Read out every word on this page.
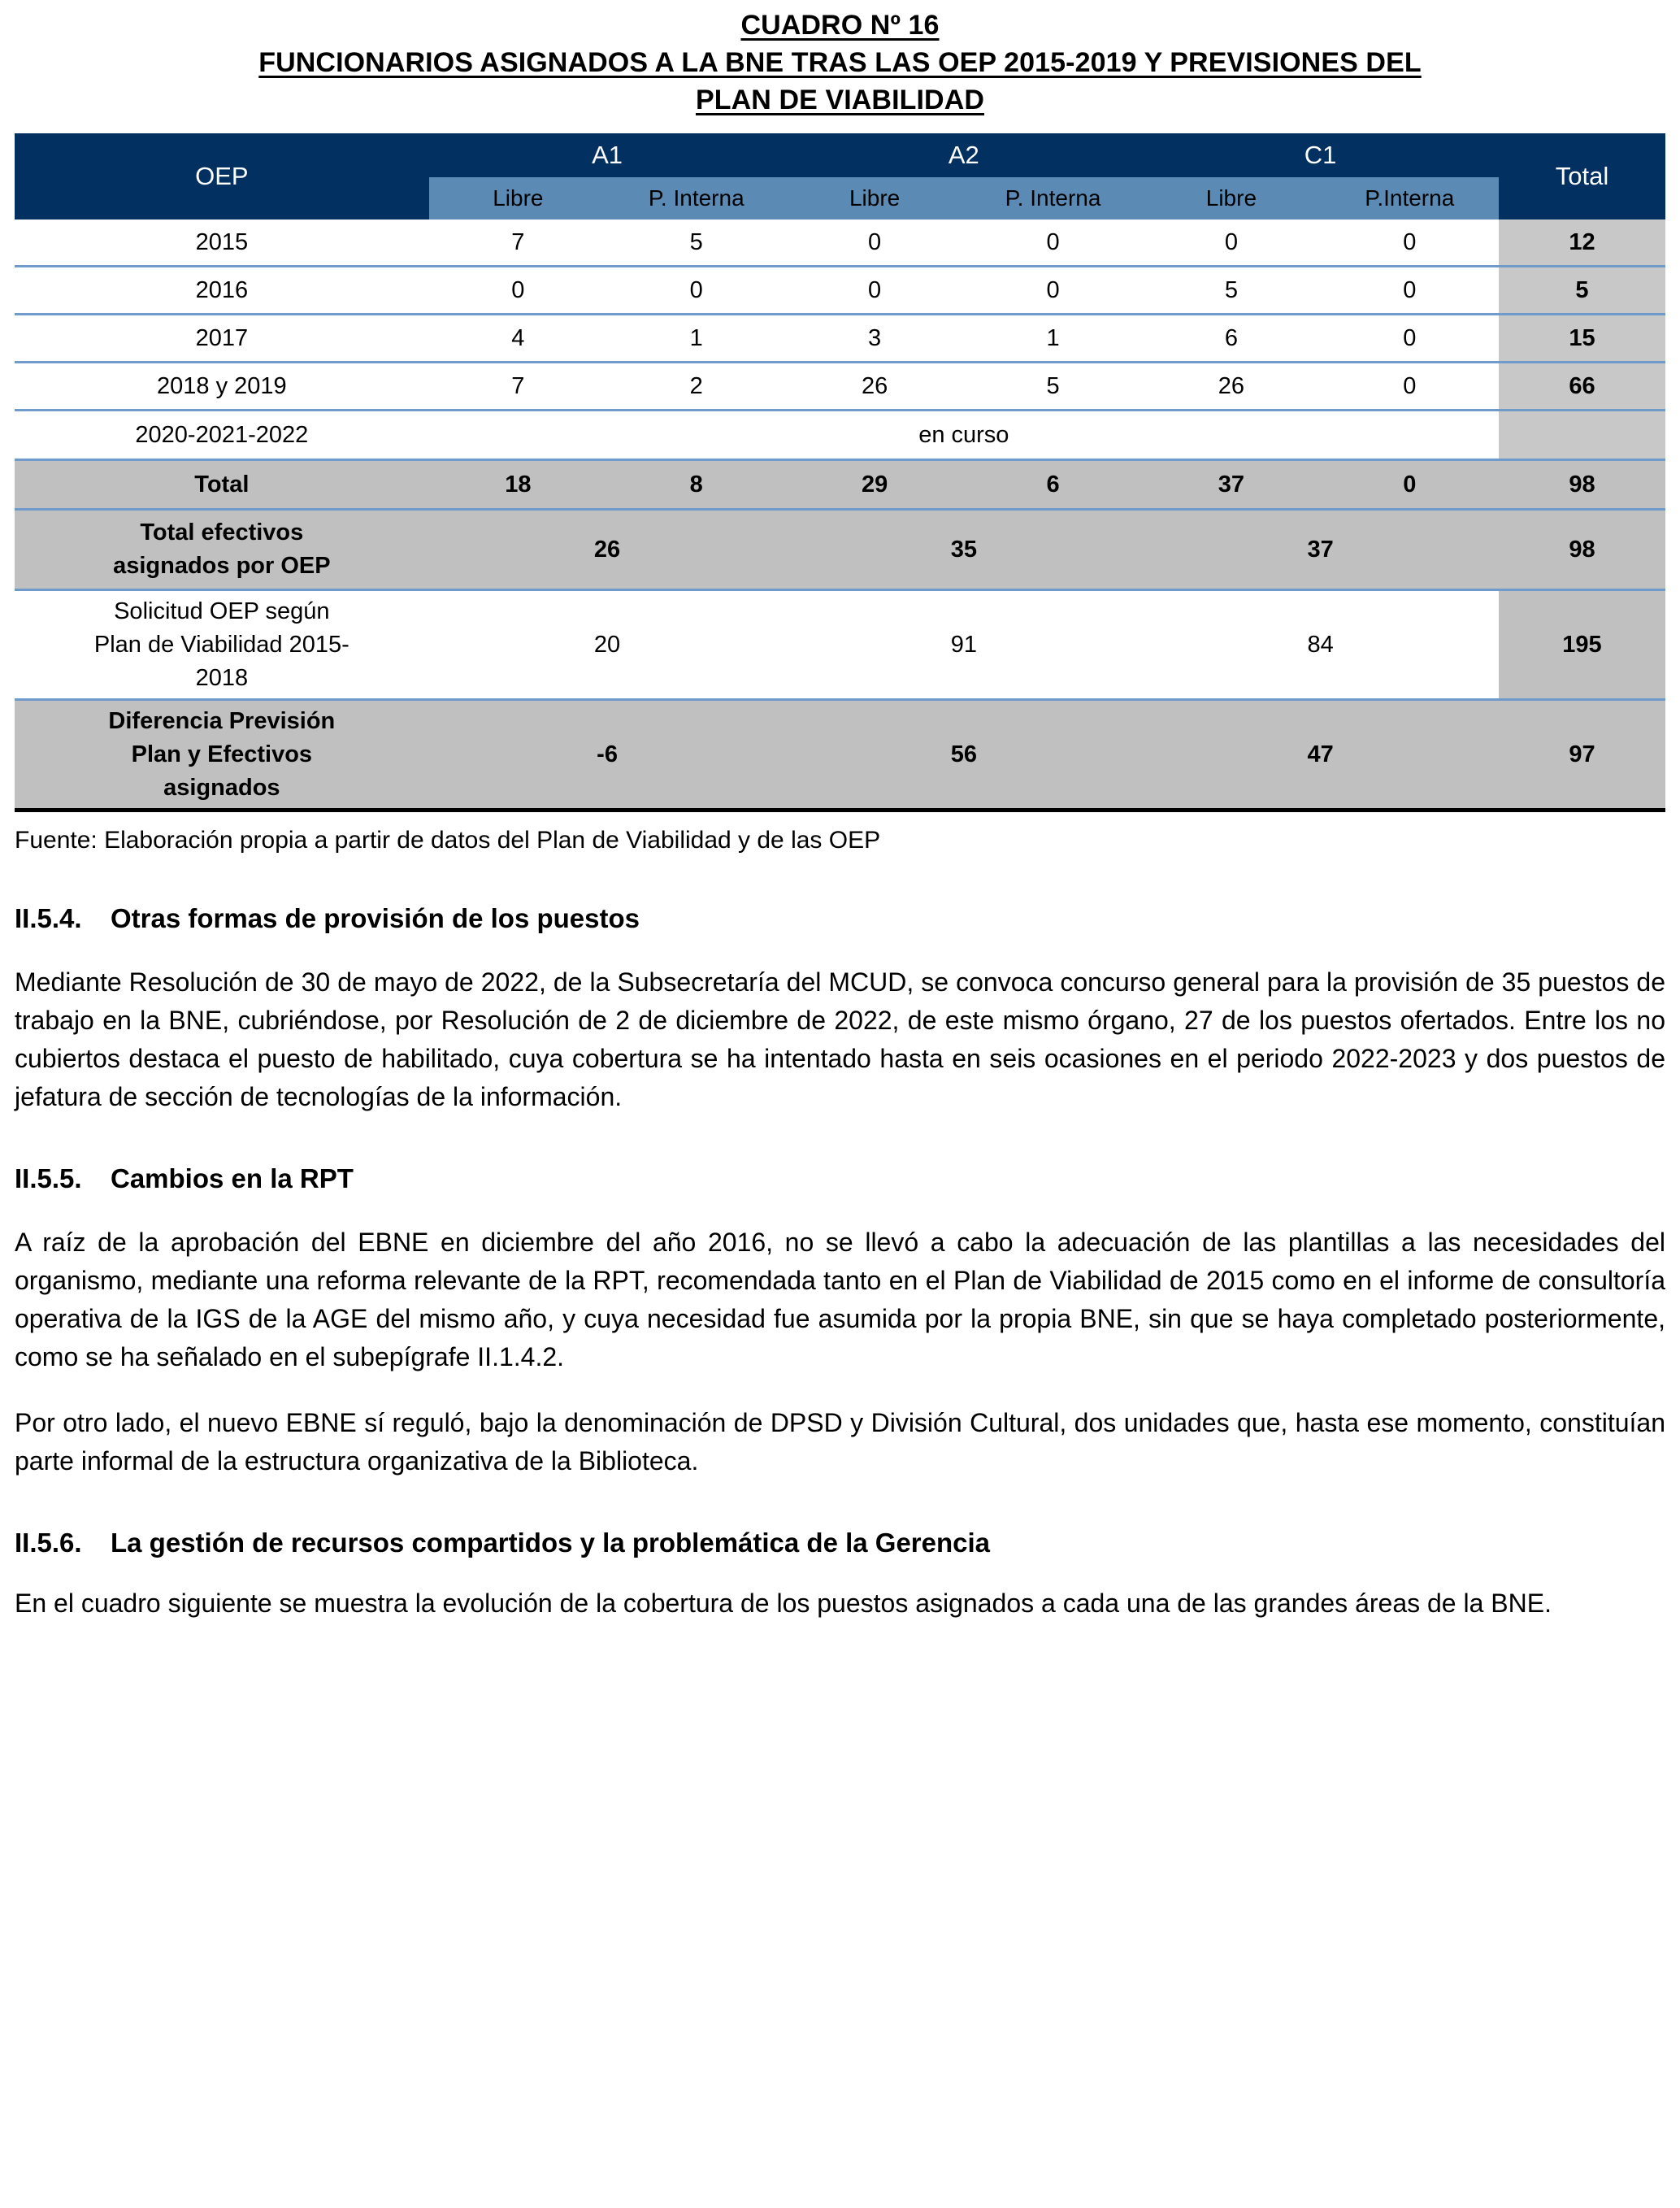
CUADRO Nº 16
FUNCIONARIOS ASIGNADOS A LA BNE TRAS LAS OEP 2015-2019 Y PREVISIONES DEL
PLAN DE VIABILIDAD
OEP	A1		A2		C1		Total
	Libre	P. Interna	Libre	P. Interna	Libre	P.Interna	
2015	7	5	0	0	0	0	12
2016	0	0	0	0	5	0	5
2017	4	1	3	1	6	0	15
2018 y 2019	7	2	26	5	26	0	66
2020-2021-2022	en curso						
Total	18	8	29	6	37	0	98

Total efectivos
asignados por OEP	26		35		37		98

Solicitud OEP según
Plan de Viabilidad 2015-
2018	20		91		84		195

Diferencia Previsión
Plan y Efectivos
asignados	-6		56		47		97
Fuente: Elaboración propia a partir de datos del Plan de Viabilidad y de las OEP
II.5.4. Otras formas de provisión de los puestos

Mediante Resolución de 30 de mayo de 2022, de la Subsecretaría del MCUD, se convoca concurso general para la provisión de 35 puestos de trabajo en la BNE, cubriéndose, por Resolución de 2 de diciembre de 2022, de este mismo órgano, 27 de los puestos ofertados. Entre los no cubiertos destaca el puesto de habilitado, cuya cobertura se ha intentado hasta en seis ocasiones en el periodo 2022-2023 y dos puestos de jefatura de sección de tecnologías de la información.

II.5.5. Cambios en la RPT

A raíz de la aprobación del EBNE en diciembre del año 2016, no se llevó a cabo la adecuación de las plantillas a las necesidades del organismo, mediante una reforma relevante de la RPT, recomendada tanto en el Plan de Viabilidad de 2015 como en el informe de consultoría operativa de la IGS de la AGE del mismo año, y cuya necesidad fue asumida por la propia BNE, sin que se haya completado posteriormente, como se ha señalado en el subepígrafe II.1.4.2.

Por otro lado, el nuevo EBNE sí reguló, bajo la denominación de DPSD y División Cultural, dos unidades que, hasta ese momento, constituían parte informal de la estructura organizativa de la Biblioteca.

II.5.6. La gestión de recursos compartidos y la problemática de la Gerencia

En el cuadro siguiente se muestra la evolución de la cobertura de los puestos asignados a cada una de las grandes áreas de la BNE.
